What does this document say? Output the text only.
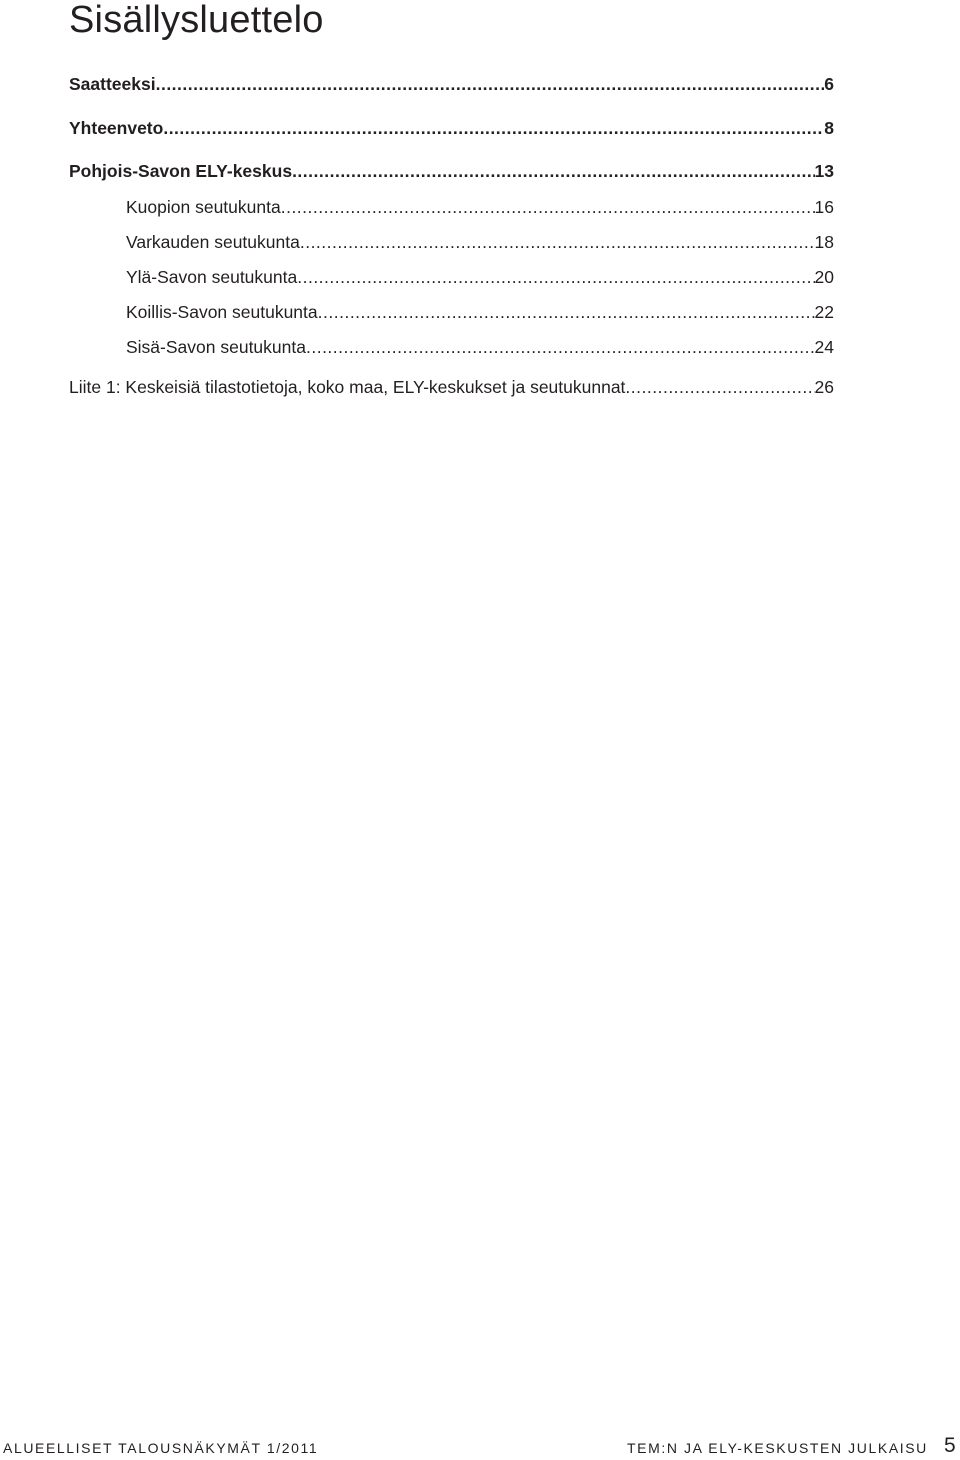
Sisällysluettelo
Saatteeksi .....	6
Yhteenveto .....	8
Pohjois-Savon ELY-keskus .....	13
Kuopion seutukunta .....	16
Varkauden seutukunta .....	18
Ylä-Savon seutukunta .....	20
Koillis-Savon seutukunta .....	22
Sisä-Savon seutukunta .....	24
Liite 1: Keskeisiä tilastotietoja, koko maa, ELY-keskukset ja seutukunnat .....	26
ALUEELLISET TALOUSNÄKYMÄT 1/2011	TEM:N JA ELY-KESKUSTEN JULKAISU 5
